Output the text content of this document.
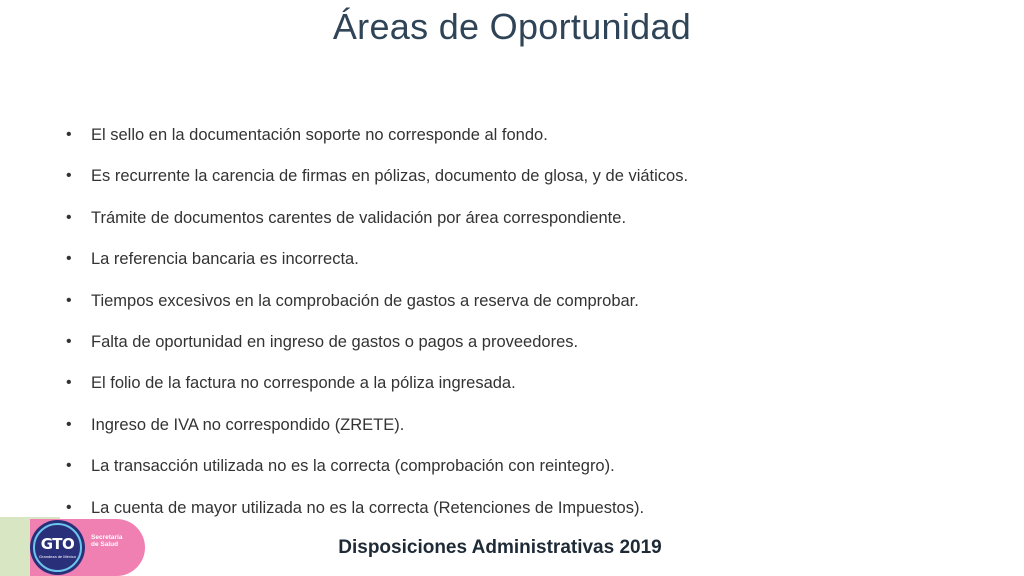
Áreas de Oportunidad
• El sello en la documentación soporte no corresponde al fondo.
• Es recurrente la carencia de firmas en pólizas, documento de glosa, y de viáticos.
• Trámite de documentos carentes de validación por área correspondiente.
• La referencia bancaria es incorrecta.
• Tiempos excesivos en la comprobación de gastos a reserva de comprobar.
• Falta de oportunidad en ingreso de gastos o pagos a proveedores.
• El folio de la factura no corresponde a la póliza ingresada.
• Ingreso de IVA no correspondido (ZRETE).
• La transacción utilizada no es la correcta (comprobación con reintegro).
• La cuenta de mayor utilizada no es la correcta (Retenciones de Impuestos).
GTO
Grandeza de México
Secretaría
de Salud	Disposiciones Administrativas 2019
